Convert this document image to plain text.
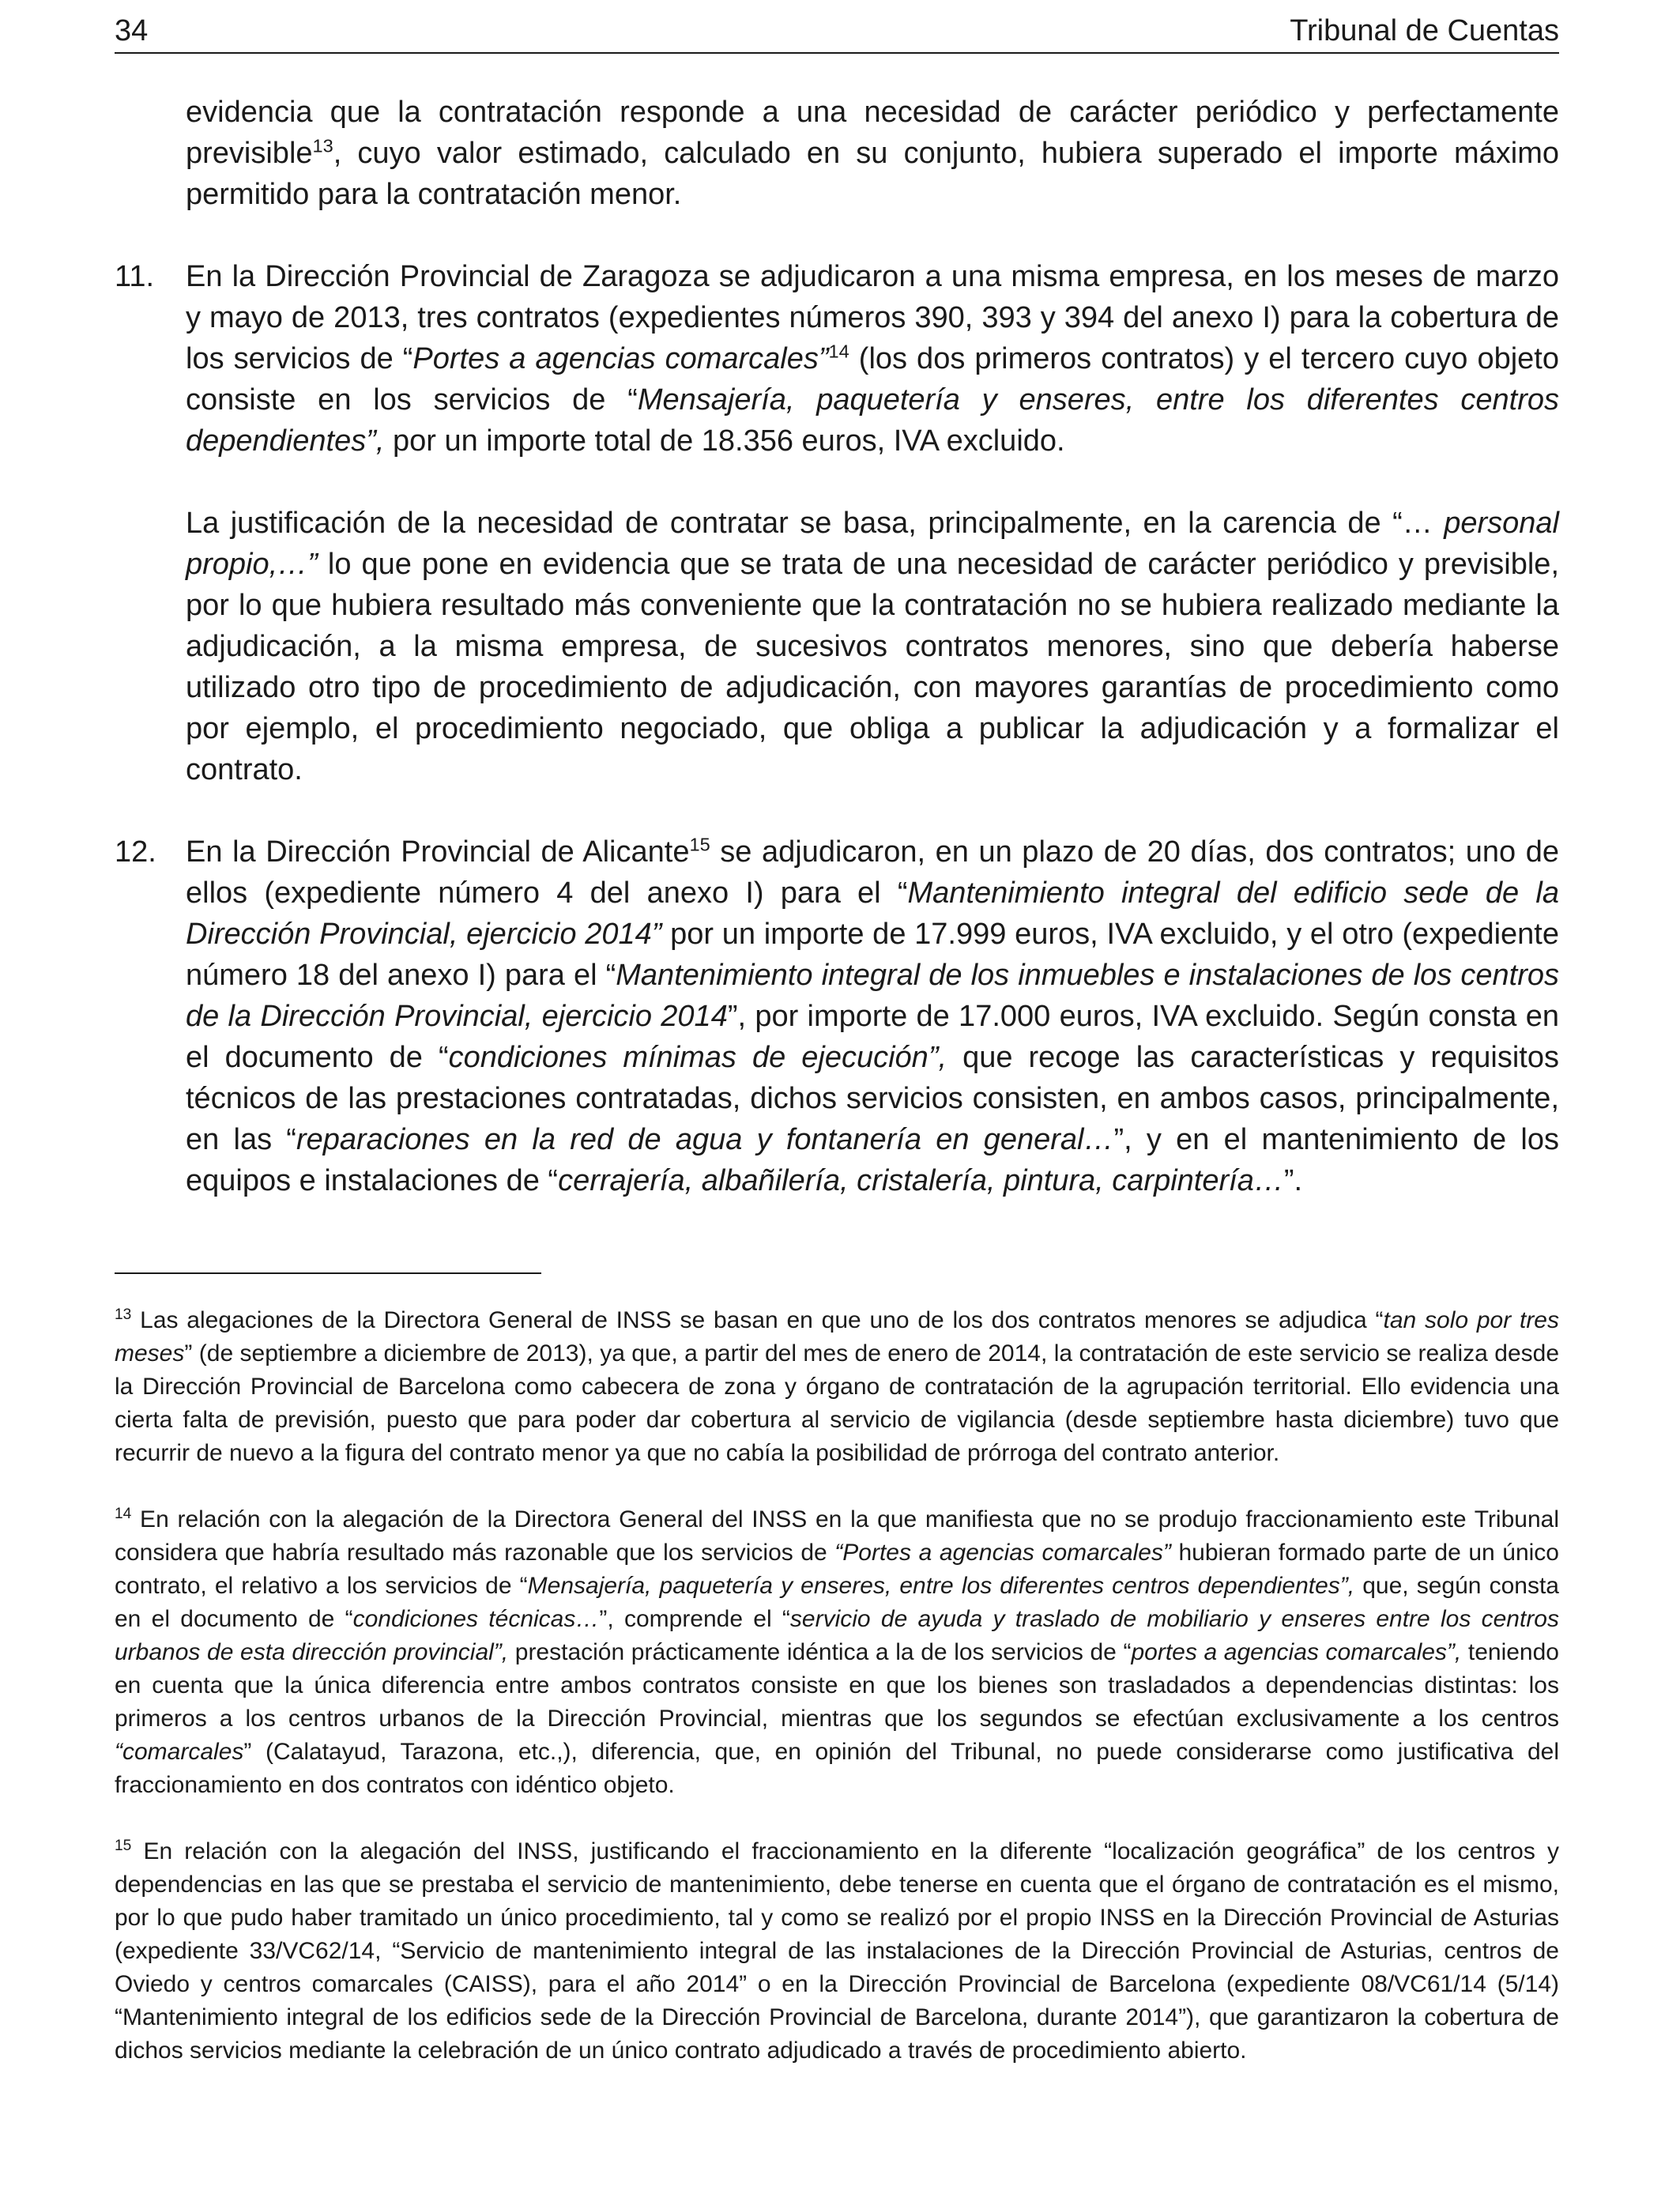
34	Tribunal de Cuentas

evidencia que la contratación responde a una necesidad de carácter periódico y perfectamente previsible$^{13}$, cuyo valor estimado, calculado en su conjunto, hubiera superado el importe máximo permitido para la contratación menor.

11. En la Dirección Provincial de Zaragoza se adjudicaron a una misma empresa, en los meses de marzo y mayo de 2013, tres contratos (expedientes números 390, 393 y 394 del anexo I) para la cobertura de los servicios de “Portes a agencias comarcales”$^{14}$ (los dos primeros contratos) y el tercero cuyo objeto consiste en los servicios de “Mensajería, paquetería y enseres, entre los diferentes centros dependientes”, por un importe total de 18.356 euros, IVA excluido.

La justificación de la necesidad de contratar se basa, principalmente, en la carencia de “… personal propio,…” lo que pone en evidencia que se trata de una necesidad de carácter periódico y previsible, por lo que hubiera resultado más conveniente que la contratación no se hubiera realizado mediante la adjudicación, a la misma empresa, de sucesivos contratos menores, sino que debería haberse utilizado otro tipo de procedimiento de adjudicación, con mayores garantías de procedimiento como por ejemplo, el procedimiento negociado, que obliga a publicar la adjudicación y a formalizar el contrato.

12. En la Dirección Provincial de Alicante$^{15}$ se adjudicaron, en un plazo de 20 días, dos contratos; uno de ellos (expediente número 4 del anexo I) para el “Mantenimiento integral del edificio sede de la Dirección Provincial, ejercicio 2014” por un importe de 17.999 euros, IVA excluido, y el otro (expediente número 18 del anexo I) para el “Mantenimiento integral de los inmuebles e instalaciones de los centros de la Dirección Provincial, ejercicio 2014”, por importe de 17.000 euros, IVA excluido. Según consta en el documento de “condiciones mínimas de ejecución”, que recoge las características y requisitos técnicos de las prestaciones contratadas, dichos servicios consisten, en ambos casos, principalmente, en las “reparaciones en la red de agua y fontanería en general…”, y en el mantenimiento de los equipos e instalaciones de “cerrajería, albañilería, cristalería, pintura, carpintería…”.

$^{13}$ Las alegaciones de la Directora General de INSS se basan en que uno de los dos contratos menores se adjudica “tan solo por tres meses” (de septiembre a diciembre de 2013), ya que, a partir del mes de enero de 2014, la contratación de este servicio se realiza desde la Dirección Provincial de Barcelona como cabecera de zona y órgano de contratación de la agrupación territorial. Ello evidencia una cierta falta de previsión, puesto que para poder dar cobertura al servicio de vigilancia (desde septiembre hasta diciembre) tuvo que recurrir de nuevo a la figura del contrato menor ya que no cabía la posibilidad de prórroga del contrato anterior.

$^{14}$ En relación con la alegación de la Directora General del INSS en la que manifiesta que no se produjo fraccionamiento este Tribunal considera que habría resultado más razonable que los servicios de “Portes a agencias comarcales” hubieran formado parte de un único contrato, el relativo a los servicios de “Mensajería, paquetería y enseres, entre los diferentes centros dependientes”, que, según consta en el documento de “condiciones técnicas…”, comprende el “servicio de ayuda y traslado de mobiliario y enseres entre los centros urbanos de esta dirección provincial”, prestación prácticamente idéntica a la de los servicios de “portes a agencias comarcales”, teniendo en cuenta que la única diferencia entre ambos contratos consiste en que los bienes son trasladados a dependencias distintas: los primeros a los centros urbanos de la Dirección Provincial, mientras que los segundos se efectúan exclusivamente a los centros “comarcales” (Calatayud, Tarazona, etc.,), diferencia, que, en opinión del Tribunal, no puede considerarse como justificativa del fraccionamiento en dos contratos con idéntico objeto.

$^{15}$ En relación con la alegación del INSS, justificando el fraccionamiento en la diferente “localización geográfica” de los centros y dependencias en las que se prestaba el servicio de mantenimiento, debe tenerse en cuenta que el órgano de contratación es el mismo, por lo que pudo haber tramitado un único procedimiento, tal y como se realizó por el propio INSS en la Dirección Provincial de Asturias (expediente 33/VC62/14, “Servicio de mantenimiento integral de las instalaciones de la Dirección Provincial de Asturias, centros de Oviedo y centros comarcales (CAISS), para el año 2014” o en la Dirección Provincial de Barcelona (expediente 08/VC61/14 (5/14) “Mantenimiento integral de los edificios sede de la Dirección Provincial de Barcelona, durante 2014”), que garantizaron la cobertura de dichos servicios mediante la celebración de un único contrato adjudicado a través de procedimiento abierto.
